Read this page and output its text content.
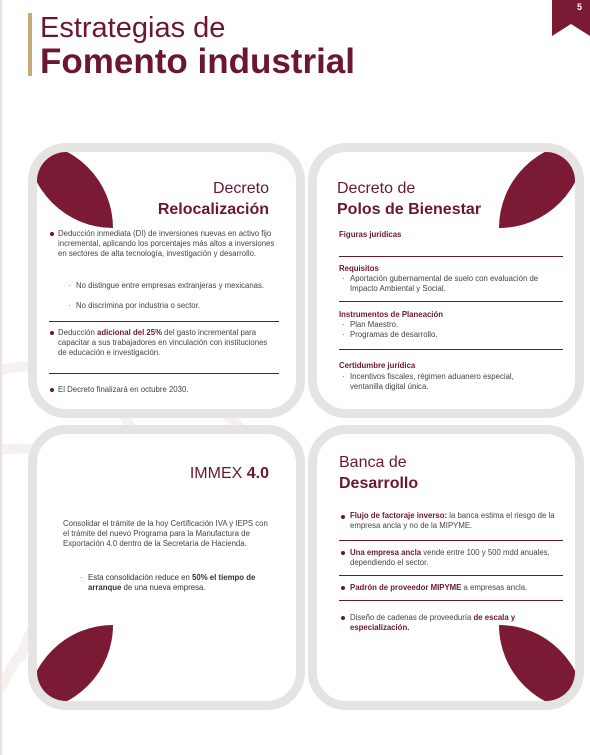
5
Estrategias de
Fomento industrial
Decreto
Relocalización
Deducción inmediata (DI) de inversiones nuevas en activo fijo incremental, aplicando los porcentajes más altos a inversiones en sectores de alta tecnología, investigación y desarrollo.
· No distingue entre empresas extranjeras y mexicanas.
· No discrimina por industria o sector.
Deducción adicional del 25% del gasto incremental para capacitar a sus trabajadores en vinculación con instituciones de educación e investigación.
El Decreto finalizará en octubre 2030.
Decreto de
Polos de Bienestar
Figuras jurídicas
Requisitos
· Aportación gubernamental de suelo con evaluación de Impacto Ambiental y Social.
Instrumentos de Planeación
· Plan Maestro.
· Programas de desarrollo.
Certidumbre jurídica
· Incentivos fiscales, régimen aduanero especial, ventanilla digital única.
IMMEX 4.0
Consolidar el trámite de la hoy Certificación IVA y IEPS con el trámite del nuevo Programa para la Manufactura de Exportación 4.0 dentro de la Secretaría de Hacienda.
· Esta consolidación reduce en 50% el tiempo de arranque de una nueva empresa.
Banca de
Desarrollo
Flujo de factoraje inverso: la banca estima el riesgo de la empresa ancla y no de la MIPYME.
Una empresa ancla vende entre 100 y 500 mdd anuales, dependiendo el sector.
Padrón de proveedor MIPYME a empresas ancla.
Diseño de cadenas de proveeduría de escala y especialización.
